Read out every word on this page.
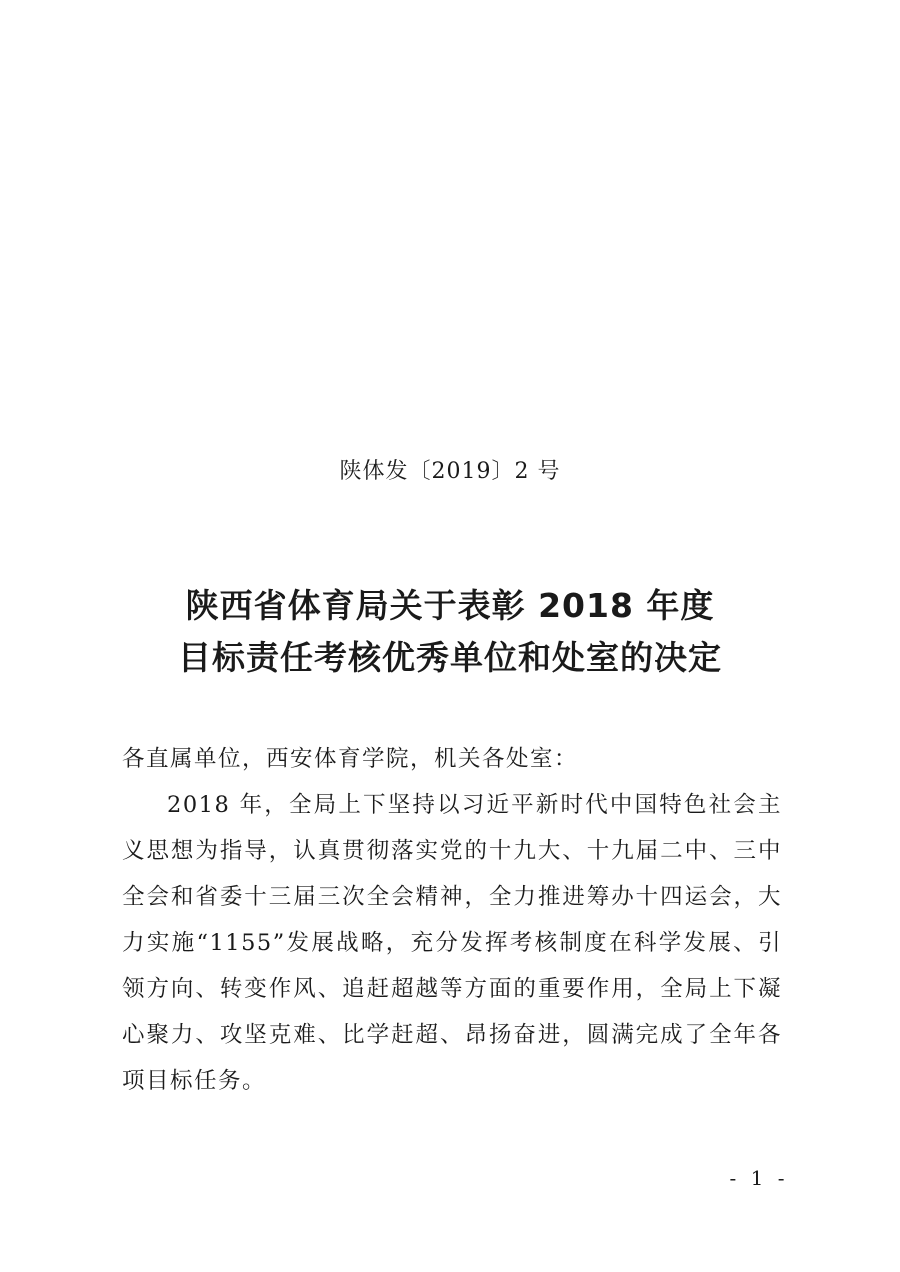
陕体发〔2019〕2 号
陕西省体育局关于表彰 2018 年度
目标责任考核优秀单位和处室的决定
各直属单位，西安体育学院，机关各处室：
2018 年，全局上下坚持以习近平新时代中国特色社会主义思想为指导，认真贯彻落实党的十九大、十九届二中、三中全会和省委十三届三次全会精神，全力推进筹办十四运会，大力实施“1155”发展战略，充分发挥考核制度在科学发展、引领方向、转变作风、追赶超越等方面的重要作用，全局上下凝心聚力、攻坚克难、比学赶超、昂扬奋进，圆满完成了全年各项目标任务。
- 1 -
